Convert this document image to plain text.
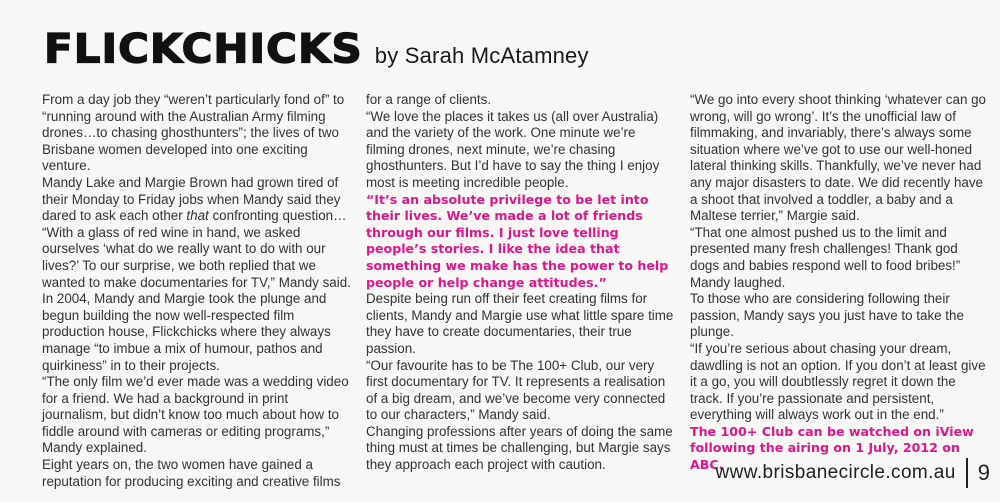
FLICKCHICKS by Sarah McAtamney

From a day job they “weren’t particularly fond of” to “running around with the Australian Army filming drones…to chasing ghosthunters”; the lives of two Brisbane women developed into one exciting venture.

Mandy Lake and Margie Brown had grown tired of their Monday to Friday jobs when Mandy said they dared to ask each other that confronting question…

“With a glass of red wine in hand, we asked ourselves ‘what do we really want to do with our lives?’ To our surprise, we both replied that we wanted to make documentaries for TV,” Mandy said.

In 2004, Mandy and Margie took the plunge and begun building the now well-respected film production house, Flickchicks where they always manage “to imbue a mix of humour, pathos and quirkiness” in to their projects.

“The only film we’d ever made was a wedding video for a friend. We had a background in print journalism, but didn’t know too much about how to fiddle around with cameras or editing programs,” Mandy explained.

Eight years on, the two women have gained a reputation for producing exciting and creative films

for a range of clients.

“We love the places it takes us (all over Australia) and the variety of the work. One minute we’re filming drones, next minute, we’re chasing ghosthunters. But I’d have to say the thing I enjoy most is meeting incredible people.

“It’s an absolute privilege to be let into their lives. We’ve made a lot of friends through our films. I just love telling people’s stories. I like the idea that something we make has the power to help people or help change attitudes.”

Despite being run off their feet creating films for clients, Mandy and Margie use what little spare time they have to create documentaries, their true passion.

“Our favourite has to be The 100+ Club, our very first documentary for TV. It represents a realisation of a big dream, and we’ve become very connected to our characters,” Mandy said.

Changing professions after years of doing the same thing must at times be challenging, but Margie says they approach each project with caution.

“We go into every shoot thinking ‘whatever can go wrong, will go wrong’. It’s the unofficial law of filmmaking, and invariably, there’s always some situation where we’ve got to use our well-honed lateral thinking skills. Thankfully, we’ve never had any major disasters to date. We did recently have a shoot that involved a toddler, a baby and a Maltese terrier,” Margie said.

“That one almost pushed us to the limit and presented many fresh challenges! Thank god dogs and babies respond well to food bribes!” Mandy laughed.

To those who are considering following their passion, Mandy says you just have to take the plunge.

“If you’re serious about chasing your dream, dawdling is not an option. If you don’t at least give it a go, you will doubtlessly regret it down the track. If you’re passionate and persistent, everything will always work out in the end.”

The 100+ Club can be watched on iView following the airing on 1 July, 2012 on ABC.

www.brisbanecircle.com.au	9
